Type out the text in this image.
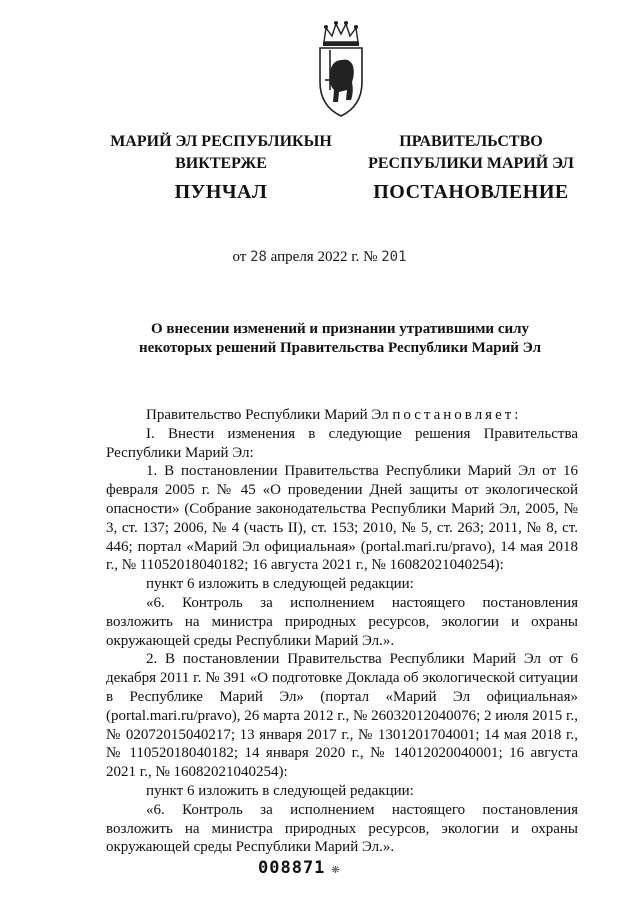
МАРИЙ ЭЛ РЕСПУБЛИКЫН
ВИКТЕРЖЕ
ПУНЧАЛ
ПРАВИТЕЛЬСТВО
РЕСПУБЛИКИ МАРИЙ ЭЛ
ПОСТАНОВЛЕНИЕ
от 28 апреля 2022 г. № 201
О внесении изменений и признании утратившими силу
некоторых решений Правительства Республики Марий Эл

Правительство Республики Марий Эл постановляет:

I. Внести изменения в следующие решения Правительства Республики Марий Эл:

1. В постановлении Правительства Республики Марий Эл от 16 февраля 2005 г. № 45 «О проведении Дней защиты от экологической опасности» (Собрание законодательства Республики Марий Эл, 2005, № 3, ст. 137; 2006, № 4 (часть II), ст. 153; 2010, № 5, ст. 263; 2011, № 8, ст. 446; портал «Марий Эл официальная» (portal.mari.ru/pravo), 14 мая 2018 г., № 11052018040182; 16 августа 2021 г., № 16082021040254):

пункт 6 изложить в следующей редакции:

«6. Контроль за исполнением настоящего постановления возложить на министра природных ресурсов, экологии и охраны окружающей среды Республики Марий Эл.».

2. В постановлении Правительства Республики Марий Эл от 6 декабря 2011 г. № 391 «О подготовке Доклада об экологической ситуации в Республике Марий Эл» (портал «Марий Эл официальная» (portal.mari.ru/pravo), 26 марта 2012 г., № 26032012040076; 2 июля 2015 г., № 02072015040217; 13 января 2017 г., № 1301201704001; 14 мая 2018 г., № 11052018040182; 14 января 2020 г., № 14012020040001; 16 августа 2021 г., № 16082021040254):

пункт 6 изложить в следующей редакции:

«6. Контроль за исполнением настоящего постановления возложить на министра природных ресурсов, экологии и охраны окружающей среды Республики Марий Эл.».

008871 ❋
